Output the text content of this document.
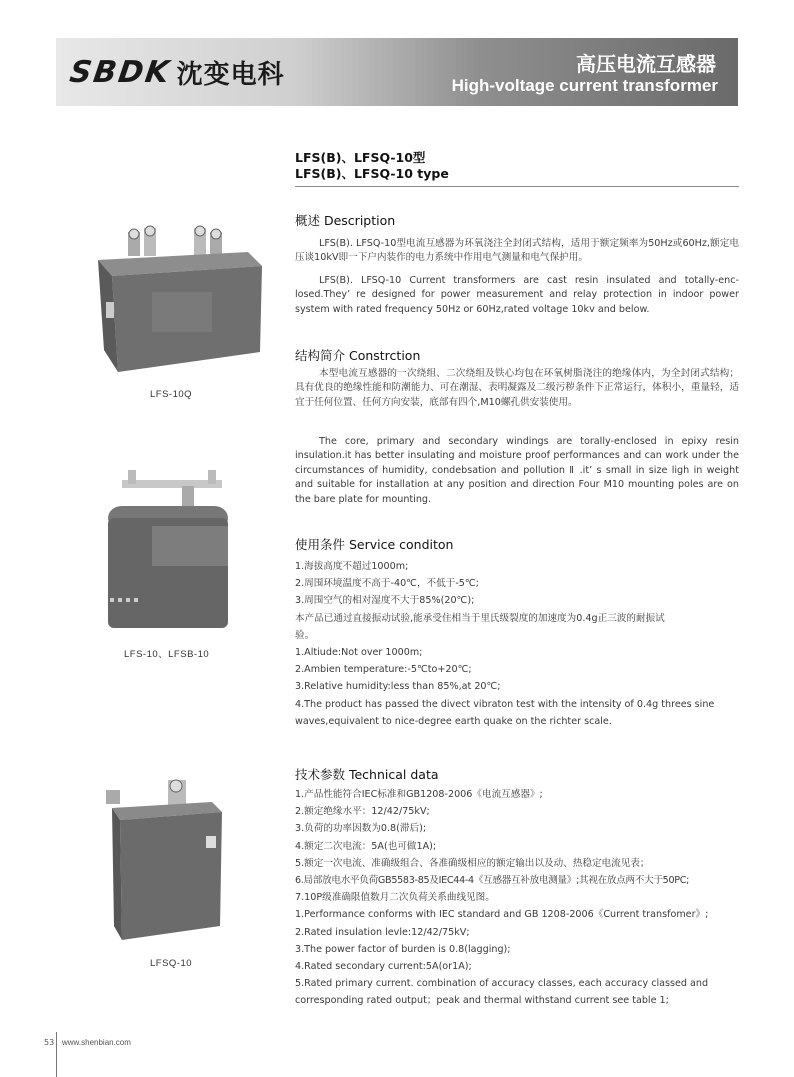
SBDK 沈变电科	高压电流互感器
High-voltage current transformer
LFS(B)、LFSQ-10型
LFS(B)、LFSQ-10 type
概述 Description
LFS(B). LFSQ-10型电流互感器为环氧浇注全封闭式结构，适用于额定频率为50Hz或60Hz,额定电压谈10kV即一下户内装作的电力系统中作用电气测量和电气保护用。
LFS(B). LFSQ-10 Current transformers are cast resin insulated and totally-enc-losed.They’ re designed for power measurement and relay protection in indoor power system with rated frequency 50Hz or 60Hz,rated voltage 10kv and below.
结构简介 Constrction
本型电流互感器的一次绕组、二次绕组及铁心均包在环氧树脂浇注的绝缘体内，为全封闭式结构；具有优良的绝缘性能和防潮能力、可在潮湿、表明凝露及二级污秽条件下正常运行，体积小，重量轻，适宜于任何位置、任何方向安装，底部有四个,M10螺孔供安装使用。
The core, primary and secondary windings are torally-enclosed in epixy resin insulation.it has better insulating and moisture proof performances and can work under the circumstances of humidity, condebsation and pollution Ⅱ .it’ s small in size ligh in weight and suitable for installation at any position and direction Four M10 mounting poles are on the bare plate for mounting.
使用条件 Service conditon
1.海拔高度不超过1000m;
2.周围环境温度不高于-40℃，不低于-5℃;
3.周围空气的相对湿度不大于85%(20℃);
本产品已通过直接振动试验,能承受住相当于里氏级裂度的加速度为0.4g正三波的耐振试验。
1.Altiude:Not over 1000m;
2.Ambien temperature:-5℃to+20℃;
3.Relative humidity:less than 85%,at 20℃;
4.The product has passed the divect vibraton test with the intensity of 0.4g threes sine waves,equivalent to nice-degree earth quake on the richter scale.
技术参数 Technical data
1.产品性能符合IEC标准和GB1208-2006《电流互感器》;
2.额定绝缘水平：12/42/75kV;
3.负荷的功率因数为0.8(滞后);
4.额定二次电流：5A(也可做1A);
5.额定一次电流、准确级组合、各准确级相应的额定输出以及动、热稳定电流见表；
6.局部放电水平负荷GB5583-85及IEC44-4《互感器互补放电测量》;其视在放点两不大于50PC;
7.10P级准确限值数月二次负荷关系曲线见图。
1.Performance conforms with IEC standard and GB 1208-2006《Current transfomer》;
2.Rated insulation levle:12/42/75kV;
3.The power factor of burden is 0.8(lagging);
4.Rated secondary current:5A(or1A);
5.Rated primary current. combination of accuracy classes, each accuracy classed and corresponding rated output；peak and thermal withstand current see table 1;
LFS-10Q
LFS-10、LFSB-10
LFSQ-10
53 www.shenbian.com
